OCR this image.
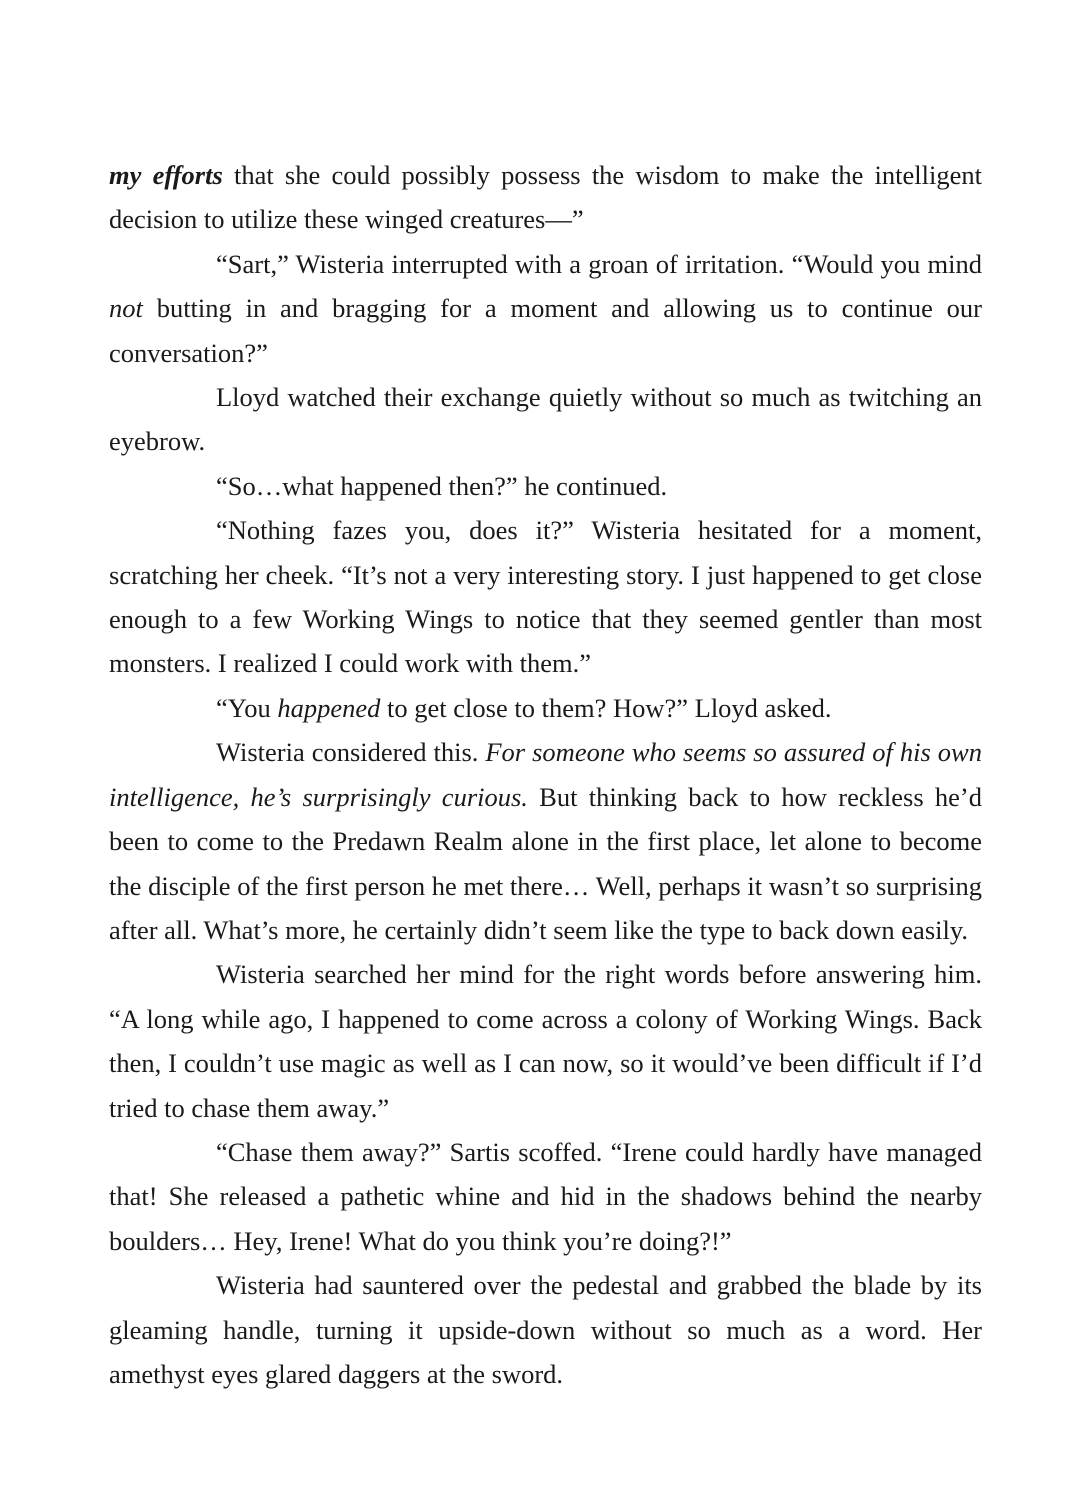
my efforts that she could possibly possess the wisdom to make the intelligent decision to utilize these winged creatures—”

“Sart,” Wisteria interrupted with a groan of irritation. “Would you mind not butting in and bragging for a moment and allowing us to continue our conversation?”

Lloyd watched their exchange quietly without so much as twitching an eyebrow.

“So…what happened then?” he continued.

“Nothing fazes you, does it?” Wisteria hesitated for a moment, scratching her cheek. “It’s not a very interesting story. I just happened to get close enough to a few Working Wings to notice that they seemed gentler than most monsters. I realized I could work with them.”

“You happened to get close to them? How?” Lloyd asked.

Wisteria considered this. For someone who seems so assured of his own intelligence, he’s surprisingly curious. But thinking back to how reckless he’d been to come to the Predawn Realm alone in the first place, let alone to become the disciple of the first person he met there… Well, perhaps it wasn’t so surprising after all. What’s more, he certainly didn’t seem like the type to back down easily.

Wisteria searched her mind for the right words before answering him. “A long while ago, I happened to come across a colony of Working Wings. Back then, I couldn’t use magic as well as I can now, so it would’ve been difficult if I’d tried to chase them away.”

“Chase them away?” Sartis scoffed. “Irene could hardly have managed that! She released a pathetic whine and hid in the shadows behind the nearby boulders… Hey, Irene! What do you think you’re doing?!”

Wisteria had sauntered over the pedestal and grabbed the blade by its gleaming handle, turning it upside-down without so much as a word. Her amethyst eyes glared daggers at the sword.
